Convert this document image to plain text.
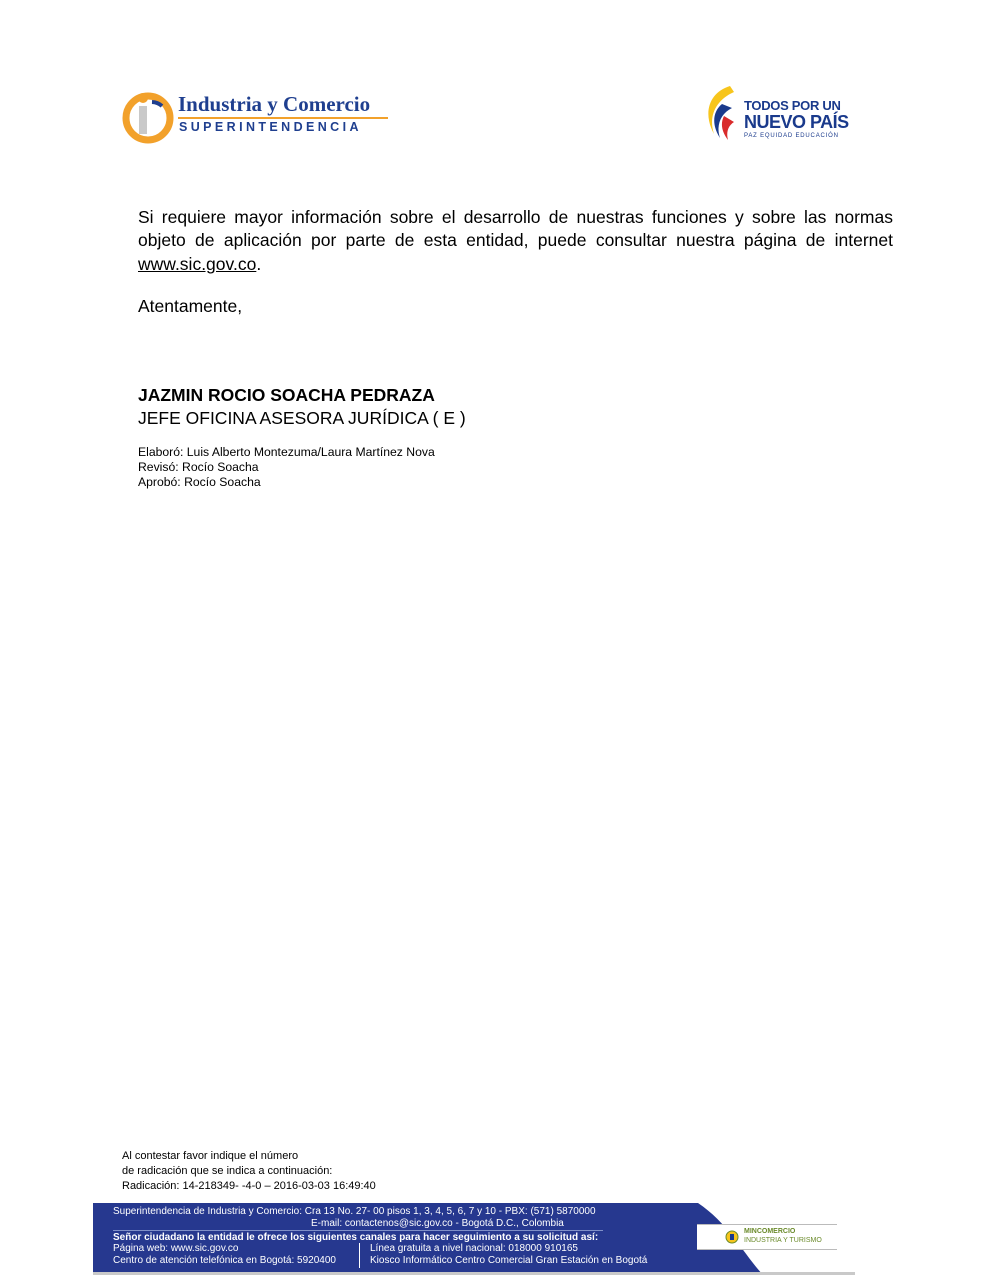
Industria y Comercio
SUPERINTENDENCIA
TODOS POR UN
NUEVO PAÍS
PAZ EQUIDAD EDUCACIÓN
Si requiere mayor información sobre el desarrollo de nuestras funciones y sobre las normas objeto de aplicación por parte de esta entidad, puede consultar nuestra página de internet www.sic.gov.co.
Atentamente,
JAZMIN ROCIO SOACHA PEDRAZA
JEFE OFICINA ASESORA JURÍDICA ( E )
Elaboró: Luis Alberto Montezuma/Laura Martínez Nova
Revisó: Rocío Soacha
Aprobó: Rocío Soacha
Al contestar favor indique el número
de radicación que se indica a continuación:
Radicación: 14-218349- -4-0 – 2016-03-03 16:49:40
Superintendencia de Industria y Comercio: Cra 13 No. 27- 00 pisos 1, 3, 4, 5, 6, 7 y 10 - PBX: (571) 5870000
E-mail: contactenos@sic.gov.co - Bogotá D.C., Colombia
Señor ciudadano la entidad le ofrece los siguientes canales para hacer seguimiento a su solicitud así:
Página web: www.sic.gov.co
Centro de atención telefónica en Bogotá: 5920400
Línea gratuita a nivel nacional: 018000 910165
Kiosco Informático Centro Comercial Gran Estación en Bogotá
MINCOMERCIO
INDUSTRIA Y TURISMO
